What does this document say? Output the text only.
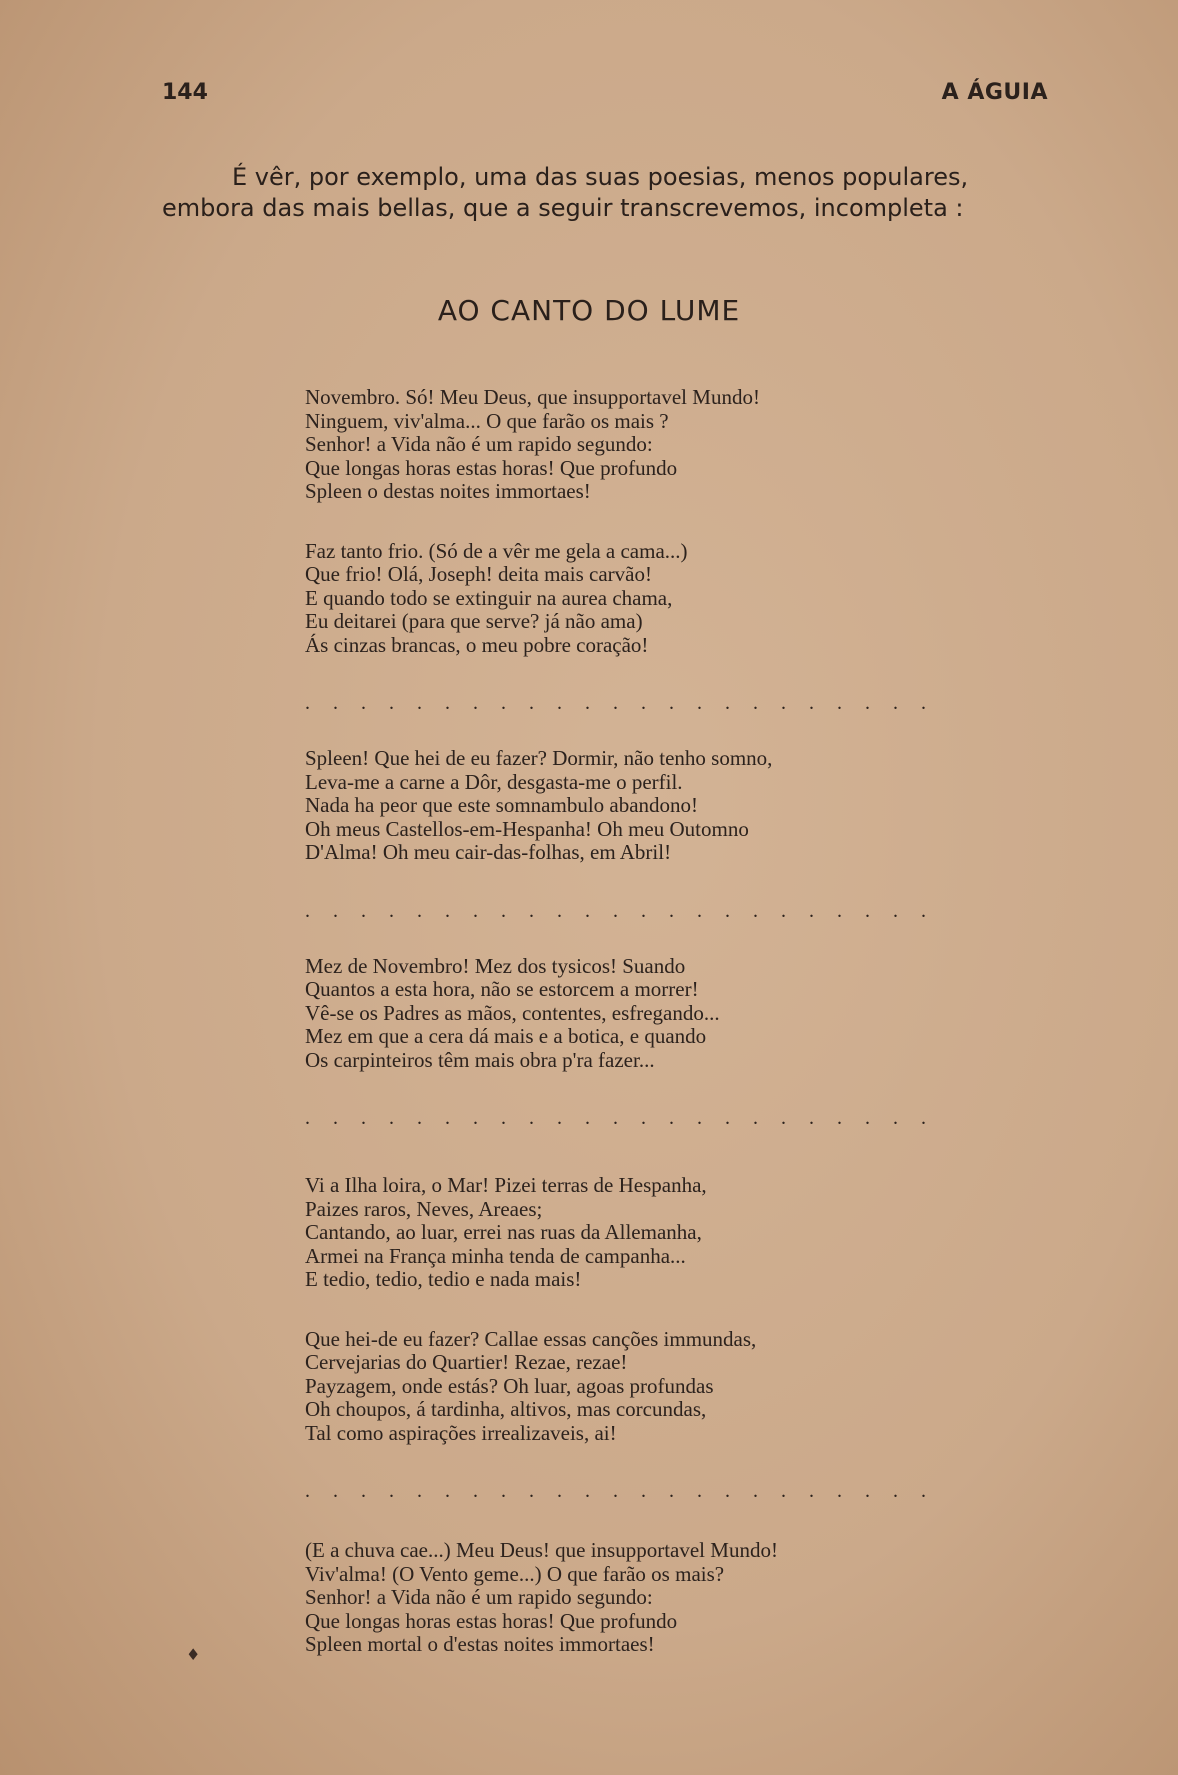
144	A ÁGUIA

É vêr, por exemplo, uma das suas poesias, menos populares,

embora das mais bellas, que a seguir transcrevemos, incompleta :

AO CANTO DO LUME
Novembro. Só! Meu Deus, que insupportavel Mundo!
Ninguem, viv'alma... O que farão os mais ?
Senhor! a Vida não é um rapido segundo:
Que longas horas estas horas! Que profundo
Spleen o destas noites immortaes!
Faz tanto frio. (Só de a vêr me gela a cama...)
Que frio! Olá, Joseph! deita mais carvão!
E quando todo se extinguir na aurea chama,
Eu deitarei (para que serve? já não ama)
Ás cinzas brancas, o meu pobre coração!
. . . . . . . . . . . . . . . . . . . . . . .
Spleen! Que hei de eu fazer? Dormir, não tenho somno,
Leva-me a carne a Dôr, desgasta-me o perfil.
Nada ha peor que este somnambulo abandono!
Oh meus Castellos-em-Hespanha! Oh meu Outomno
D'Alma! Oh meu cair-das-folhas, em Abril!
. . . . . . . . . . . . . . . . . . . . . . .
Mez de Novembro! Mez dos tysicos! Suando
Quantos a esta hora, não se estorcem a morrer!
Vê-se os Padres as mãos, contentes, esfregando...
Mez em que a cera dá mais e a botica, e quando
Os carpinteiros têm mais obra p'ra fazer...
. . . . . . . . . . . . . . . . . . . . . . .
Vi a Ilha loira, o Mar! Pizei terras de Hespanha,
Paizes raros, Neves, Areaes;
Cantando, ao luar, errei nas ruas da Allemanha,
Armei na França minha tenda de campanha...
E tedio, tedio, tedio e nada mais!
Que hei-de eu fazer? Callae essas canções immundas,
Cervejarias do Quartier! Rezae, rezae!
Payzagem, onde estás? Oh luar, agoas profundas
Oh choupos, á tardinha, altivos, mas corcundas,
Tal como aspirações irrealizaveis, ai!
. . . . . . . . . . . . . . . . . . . . . . .
(E a chuva cae...) Meu Deus! que insupportavel Mundo!
Viv'alma! (O Vento geme...) O que farão os mais?
Senhor! a Vida não é um rapido segundo:
Que longas horas estas horas! Que profundo
Spleen mortal o d'estas noites immortaes!
♦
